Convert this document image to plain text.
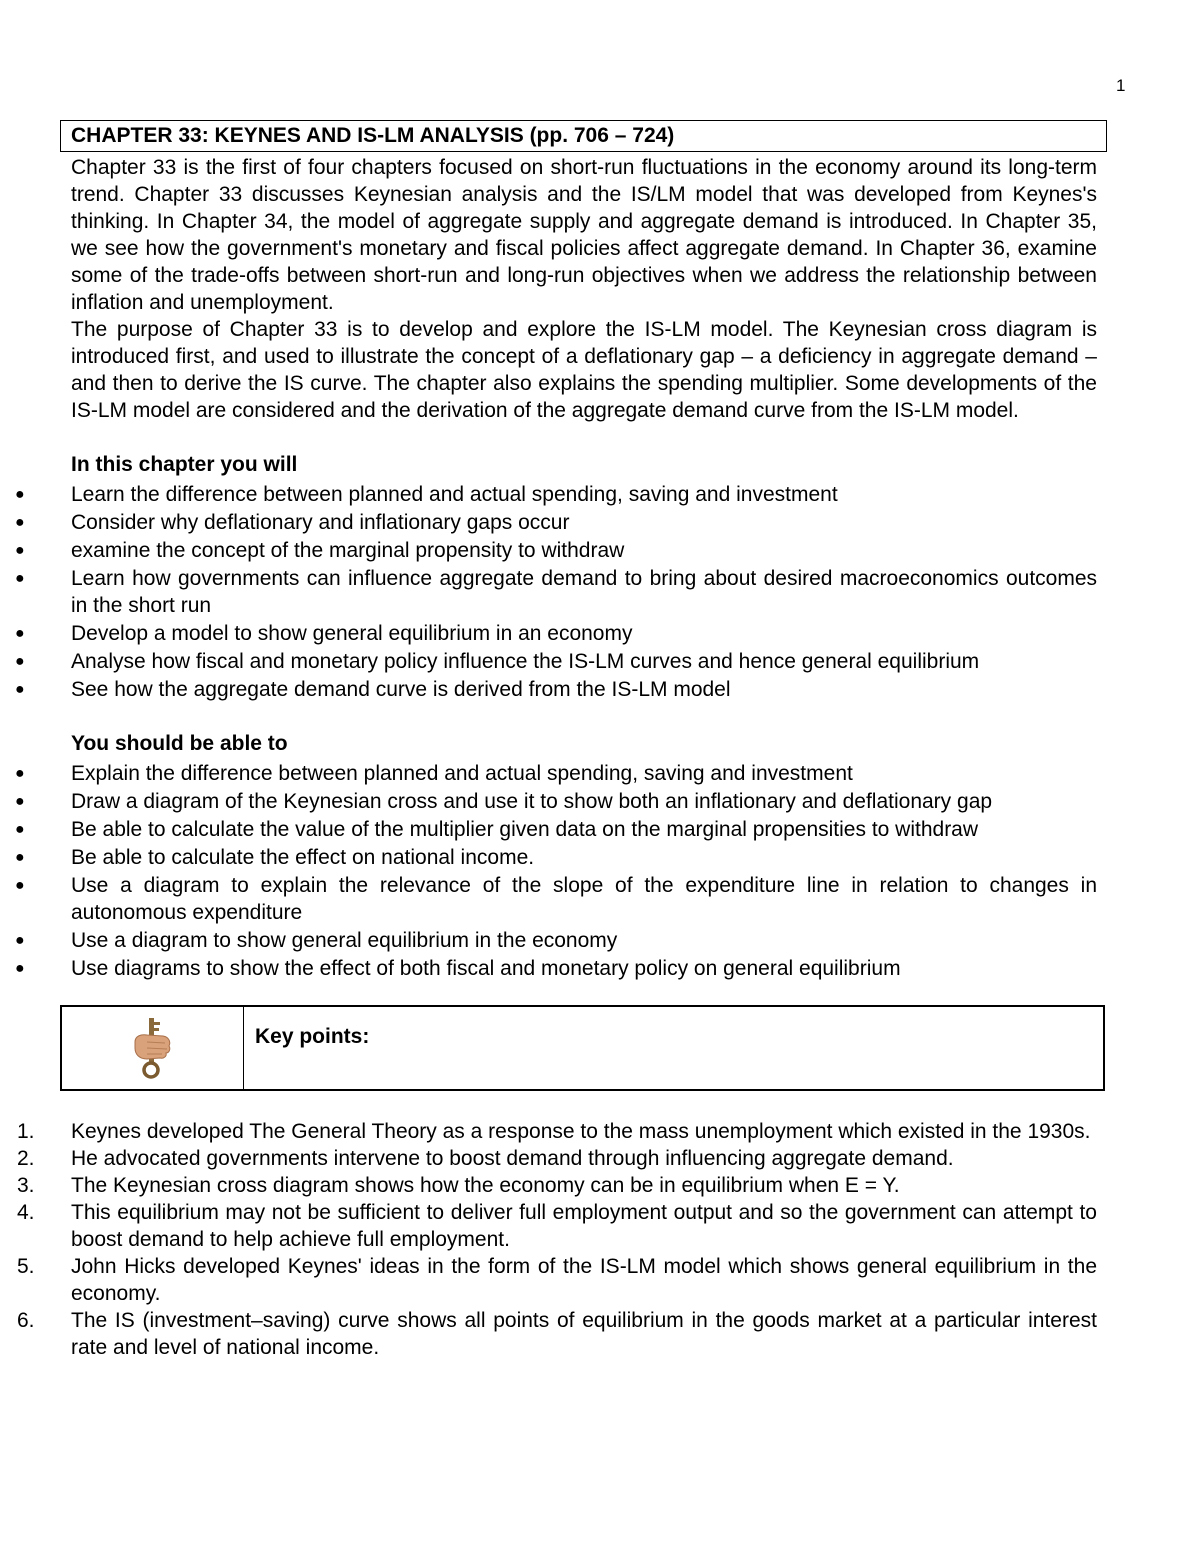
1
CHAPTER 33: KEYNES AND IS-LM ANALYSIS (pp. 706 – 724)

Chapter 33 is the first of four chapters focused on short-run fluctuations in the economy around its long-term trend. Chapter 33 discusses Keynesian analysis and the IS/LM model that was developed from Keynes's thinking. In Chapter 34, the model of aggregate supply and aggregate demand is introduced. In Chapter 35, we see how the government's monetary and fiscal policies affect aggregate demand. In Chapter 36, examine some of the trade-offs between short-run and long-run objectives when we address the relationship between inflation and unemployment.

The purpose of Chapter 33 is to develop and explore the IS-LM model. The Keynesian cross diagram is introduced first, and used to illustrate the concept of a deflationary gap – a deficiency in aggregate demand – and then to derive the IS curve. The chapter also explains the spending multiplier. Some developments of the IS-LM model are considered and the derivation of the aggregate demand curve from the IS-LM model.

In this chapter you will
● Learn the difference between planned and actual spending, saving and investment
● Consider why deflationary and inflationary gaps occur
● examine the concept of the marginal propensity to withdraw
● Learn how governments can influence aggregate demand to bring about desired macroeconomics outcomes in the short run
● Develop a model to show general equilibrium in an economy
● Analyse how fiscal and monetary policy influence the IS-LM curves and hence general equilibrium
● See how the aggregate demand curve is derived from the IS-LM model
You should be able to
● Explain the difference between planned and actual spending, saving and investment
● Draw a diagram of the Keynesian cross and use it to show both an inflationary and deflationary gap
● Be able to calculate the value of the multiplier given data on the marginal propensities to withdraw
● Be able to calculate the effect on national income.
● Use a diagram to explain the relevance of the slope of the expenditure line in relation to changes in autonomous expenditure
● Use a diagram to show general equilibrium in the economy
● Use diagrams to show the effect of both fiscal and monetary policy on general equilibrium
Key points:
1. Keynes developed The General Theory as a response to the mass unemployment which existed in the 1930s.
2. He advocated governments intervene to boost demand through influencing aggregate demand.
3. The Keynesian cross diagram shows how the economy can be in equilibrium when E = Y.
4. This equilibrium may not be sufficient to deliver full employment output and so the government can attempt to boost demand to help achieve full employment.
5. John Hicks developed Keynes' ideas in the form of the IS-LM model which shows general equilibrium in the economy.
6. The IS (investment–saving) curve shows all points of equilibrium in the goods market at a particular interest rate and level of national income.
